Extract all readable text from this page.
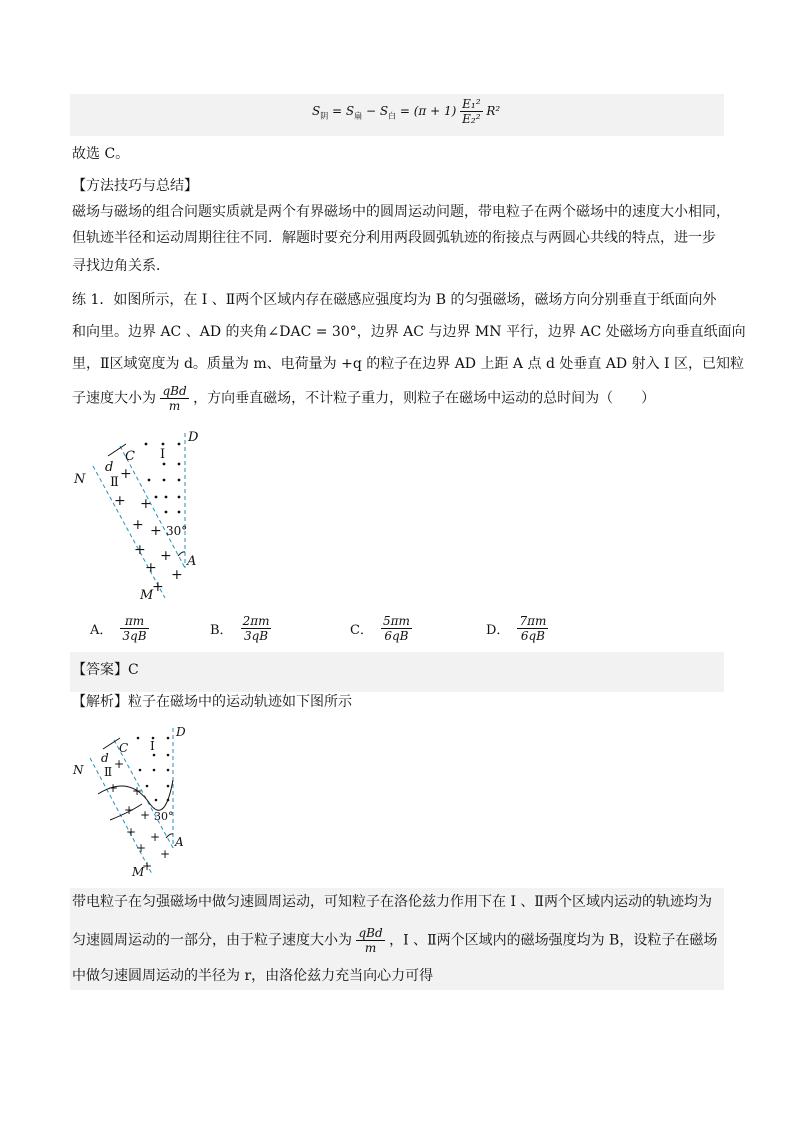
$S_阴 = S_扇 - S_白 = (\pi + 1) \frac{\text{E₁²}}{\text{E₂²}} R^2$
故选 C。
【方法技巧与总结】
磁场与磁场的组合问题实质就是两个有界磁场中的圆周运动问题，带电粒子在两个磁场中的速度大小相同，
但轨迹半径和运动周期往往不同．解题时要充分利用两段圆弧轨迹的衔接点与两圆心共线的特点，进一步
寻找边角关系．
练 1．如图所示，在 Ⅰ 、Ⅱ两个区域内存在磁感应强度均为 B 的匀强磁场，磁场方向分别垂直于纸面向外
和向里。边界 AC 、AD 的夹角∠DAC = 30°，边界 AC 与边界 MN 平行，边界 AC 处磁场方向垂直纸面向
里，Ⅱ区域宽度为 d。质量为 m、电荷量为 +q 的粒子在边界 AD 上距 A 点 d 处垂直 AD 射入 Ⅰ 区，已知粒
子速度大小为 $\frac{\text{qBd}}{m}$ ，方向垂直磁场，不计粒子重力，则粒子在磁场中运动的总时间为（　　）
+
+ +
+ +
+ +
+ +
+
D
C
N
A
M
d
Ⅰ
Ⅱ
30°
A． $\frac{\pi m}{3qB}$	B． $\frac{2\pi m}{3qB}$	C． $\frac{5\pi m}{6qB}$	D． $\frac{7\pi m}{6qB}$
【答案】C
【解析】粒子在磁场中的运动轨迹如下图所示
+
+ +
+ +
+ +
+ +
+
D
C
N
A
M
d
Ⅰ
Ⅱ
30°
带电粒子在匀强磁场中做匀速圆周运动，可知粒子在洛伦兹力作用下在 Ⅰ 、Ⅱ两个区域内运动的轨迹均为
匀速圆周运动的一部分，由于粒子速度大小为 $\frac{\text{qBd}}{m}$ ，Ⅰ 、Ⅱ两个区域内的磁场强度均为 B，设粒子在磁场
中做匀速圆周运动的半径为 r，由洛伦兹力充当向心力可得
